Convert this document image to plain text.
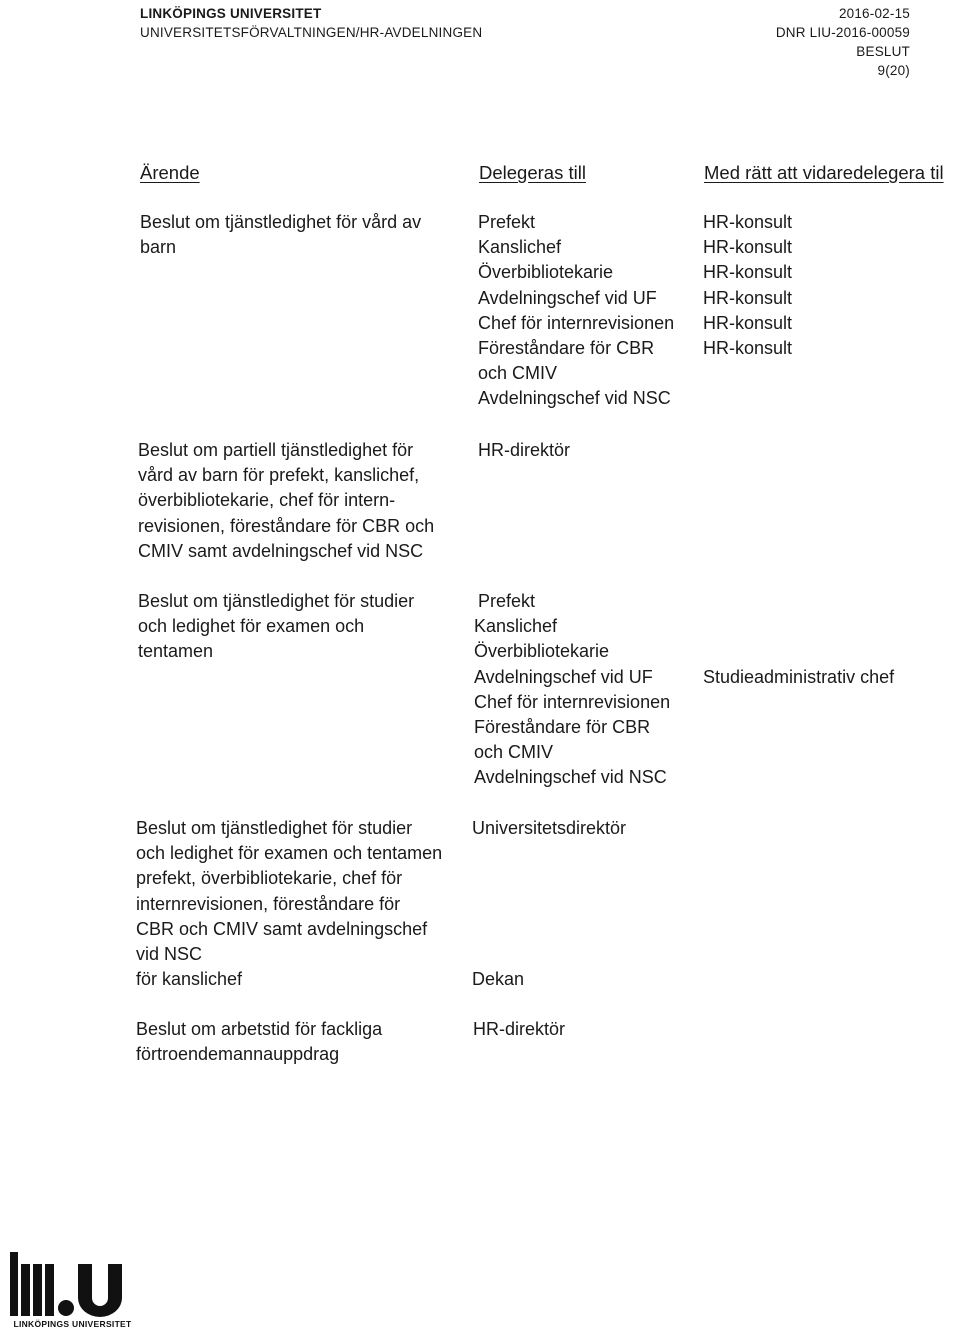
LINKÖPINGS UNIVERSITET
UNIVERSITETSFÖRVALTNINGEN/HR-AVDELNINGEN
2016-02-15
DNR LIU-2016-00059
BESLUT
9(20)
Ärende	Delegeras till	Med rätt att vidaredelegera til
Beslut om tjänstledighet för vård av
barn
Prefekt
Kanslichef
Överbibliotekarie
Avdelningschef vid UF
Chef för internrevisionen
Föreståndare för CBR
och CMIV
Avdelningschef vid NSC
HR-konsult
HR-konsult
HR-konsult
HR-konsult
HR-konsult
HR-konsult
Beslut om partiell tjänstledighet för
vård av barn för prefekt, kanslichef,
överbibliotekarie, chef för intern-
revisionen, föreståndare för CBR och
CMIV samt avdelningschef vid NSC
HR-direktör
Beslut om tjänstledighet för studier
och ledighet för examen och
tentamen
Prefekt
Kanslichef
Överbibliotekarie
Avdelningschef vid UF
Chef för internrevisionen
Föreståndare för CBR
och CMIV
Avdelningschef vid NSC
Studieadministrativ chef
Beslut om tjänstledighet för studier
och ledighet för examen och tentamen
prefekt, överbibliotekarie, chef för
internrevisionen, föreståndare för
CBR och CMIV samt avdelningschef
vid NSC
för kanslichef
Universitetsdirektör
Dekan
Beslut om arbetstid för fackliga
förtroendemannauppdrag
HR-direktör
LINKÖPINGS UNIVERSITET
